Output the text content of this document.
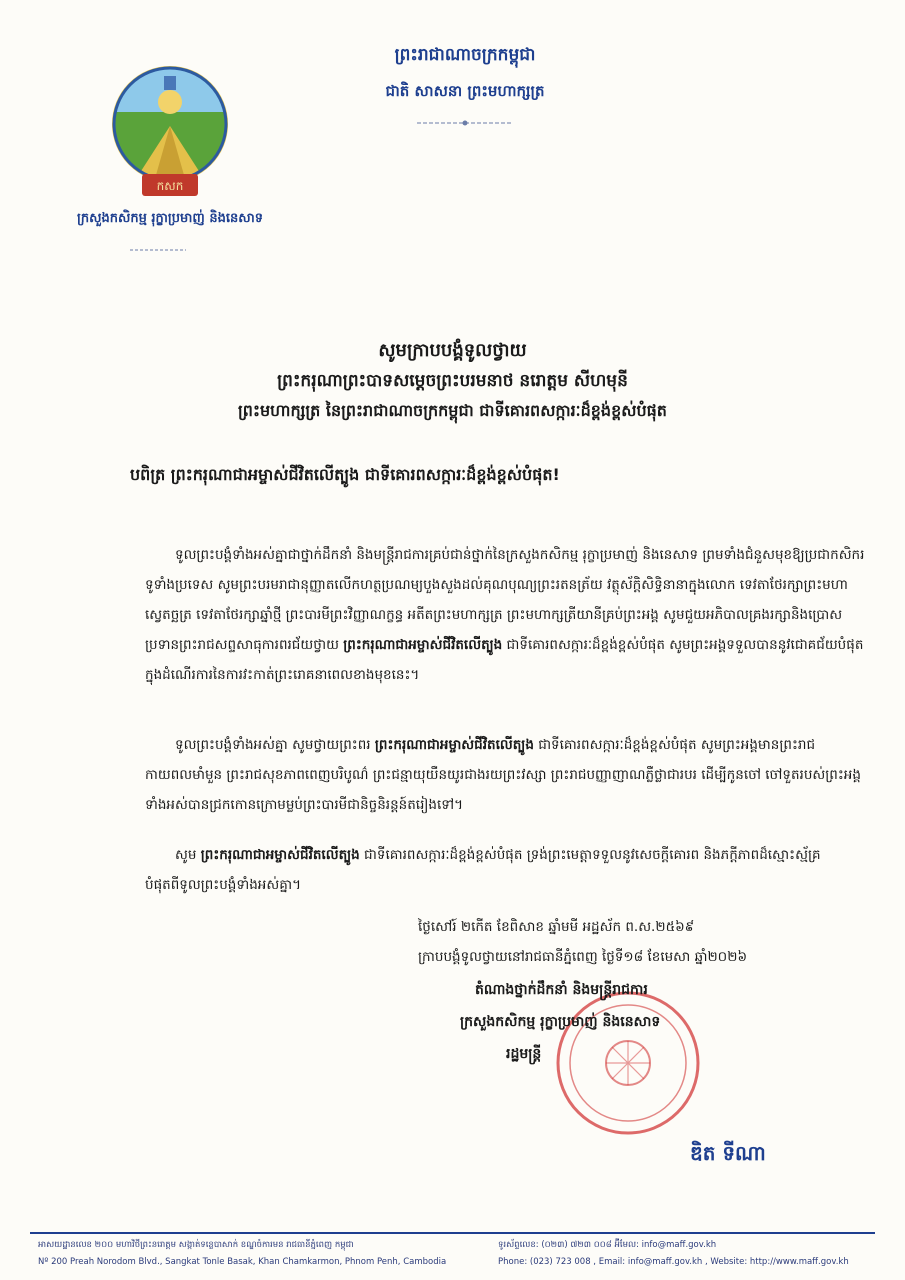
កសក
ក្រសួងកសិកម្ម រុក្ខាប្រមាញ់ និងនេសាទ
ព្រះរាជាណាចក្រកម្ពុជា
ជាតិ សាសនា ព្រះមហាក្សត្រ
សូមក្រាបបង្គំទូលថ្វាយ
ព្រះករុណាព្រះបាទសម្តេចព្រះបរមនាថ នរោត្តម សីហមុនី
ព្រះមហាក្សត្រ នៃព្រះរាជាណាចក្រកម្ពុជា ជាទីគោរពសក្ការៈដ៏ខ្ពង់ខ្ពស់បំផុត
បពិត្រ ព្រះករុណាជាអម្ចាស់ជីវិតលើត្បូង ជាទីគោរពសក្ការៈដ៏ខ្ពង់ខ្ពស់បំផុត!
ទូលព្រះបង្គំទាំងអស់គ្នាជាថ្នាក់ដឹកនាំ និងមន្ត្រីរាជការគ្រប់ជាន់ថ្នាក់នៃក្រសួងកសិកម្ម រុក្ខាប្រមាញ់ និងនេសាទ ព្រមទាំងជំនួសមុខឱ្យប្រជាកសិករទូទាំងប្រទេស សូមព្រះបរមរាជានុញ្ញាតលើកហត្ថប្រណម្យបួងសួងដល់គុណបុណ្យព្រះរតនត្រ័យ វត្ថុស័ក្តិសិទ្ធិនានាក្នុងលោក ទេវតាថែរក្សាព្រះមហាស្វេតច្ឆត្រ ទេវតាថែរក្សាឆ្នាំថ្មី ព្រះបារមីព្រះវិញ្ញាណក្ខន្ធ អតីតព្រះមហាក្សត្រ ព្រះមហាក្សត្រីយានីគ្រប់ព្រះអង្គ សូមជួយអភិបាលគ្រងរក្សានិងប្រោសប្រទានព្រះរាជសព្ទសាធុការពរជ័យថ្វាយ ព្រះករុណាជាអម្ចាស់ជីវិតលើត្បូង ជាទីគោរពសក្ការៈដ៏ខ្ពង់ខ្ពស់បំផុត សូមព្រះអង្គទទួលបាននូវជោគជ័យបំផុតក្នុងដំណើរការនៃការវះកាត់ព្រះរោគនាពេលខាងមុខនេះ។
ទូលព្រះបង្គំទាំងអស់គ្នា សូមថ្វាយព្រះពរ ព្រះករុណាជាអម្ចាស់ជីវិតលើត្បូង ជាទីគោរពសក្ការៈដ៏ខ្ពង់ខ្ពស់បំផុត សូមព្រះអង្គមានព្រះរាជកាយពលមាំមួន ព្រះរាជសុខភាពពេញបរិបូណ៌ ព្រះជន្មាយុយឺនយូរជាងរយព្រះវស្សា ព្រះរាជបញ្ញាញាណភ្លឺថ្លាជារបរ ដើម្បីកូនចៅ ចៅទួតរបស់ព្រះអង្គទាំងអស់បានជ្រកកោនក្រោមម្លប់ព្រះបារមីជានិច្ចនិរន្តន៍តរៀងទៅ។
សូម ព្រះករុណាជាអម្ចាស់ជីវិតលើត្បូង ជាទីគោរពសក្ការៈដ៏ខ្ពង់ខ្ពស់បំផុត ទ្រង់ព្រះមេត្តាទទួលនូវសេចក្តីគោរព និងភក្តីភាពដ៏ស្មោះស្ម័គ្របំផុតពីទូលព្រះបង្គំទាំងអស់គ្នា។
ថ្ងៃសៅរ៍ ២កើត ខែពិសាខ ឆ្នាំមមី អដ្ឋស័ក ព.ស.២៥៦៩
ក្រាបបង្គំទូលថ្វាយនៅរាជធានីភ្នំពេញ ថ្ងៃទី១៨ ខែមេសា ឆ្នាំ២០២៦
តំណាងថ្នាក់ដឹកនាំ និងមន្ត្រីរាជការ
ក្រសួងកសិកម្ម រុក្ខាប្រមាញ់ និងនេសាទ
រដ្ឋមន្ត្រី
ឌិត ទីណា
អាសយដ្ឋានលេខ ២០០ មហាវិថីព្រះនរោត្តម សង្កាត់ទន្លេបាសាក់ ខណ្ឌចំការមន រាជធានីភ្នំពេញ កម្ពុជា
Nº 200 Preah Norodom Blvd., Sangkat Tonle Basak, Khan Chamkarmon, Phnom Penh, Cambodia
ទូរស័ព្ទលេខ: (០២៣) ៧២៣ ០០៨ អ៊ីមែល: info@maff.gov.kh
Phone: (023) 723 008 , Email: info@maff.gov.kh , Website: http://www.maff.gov.kh
